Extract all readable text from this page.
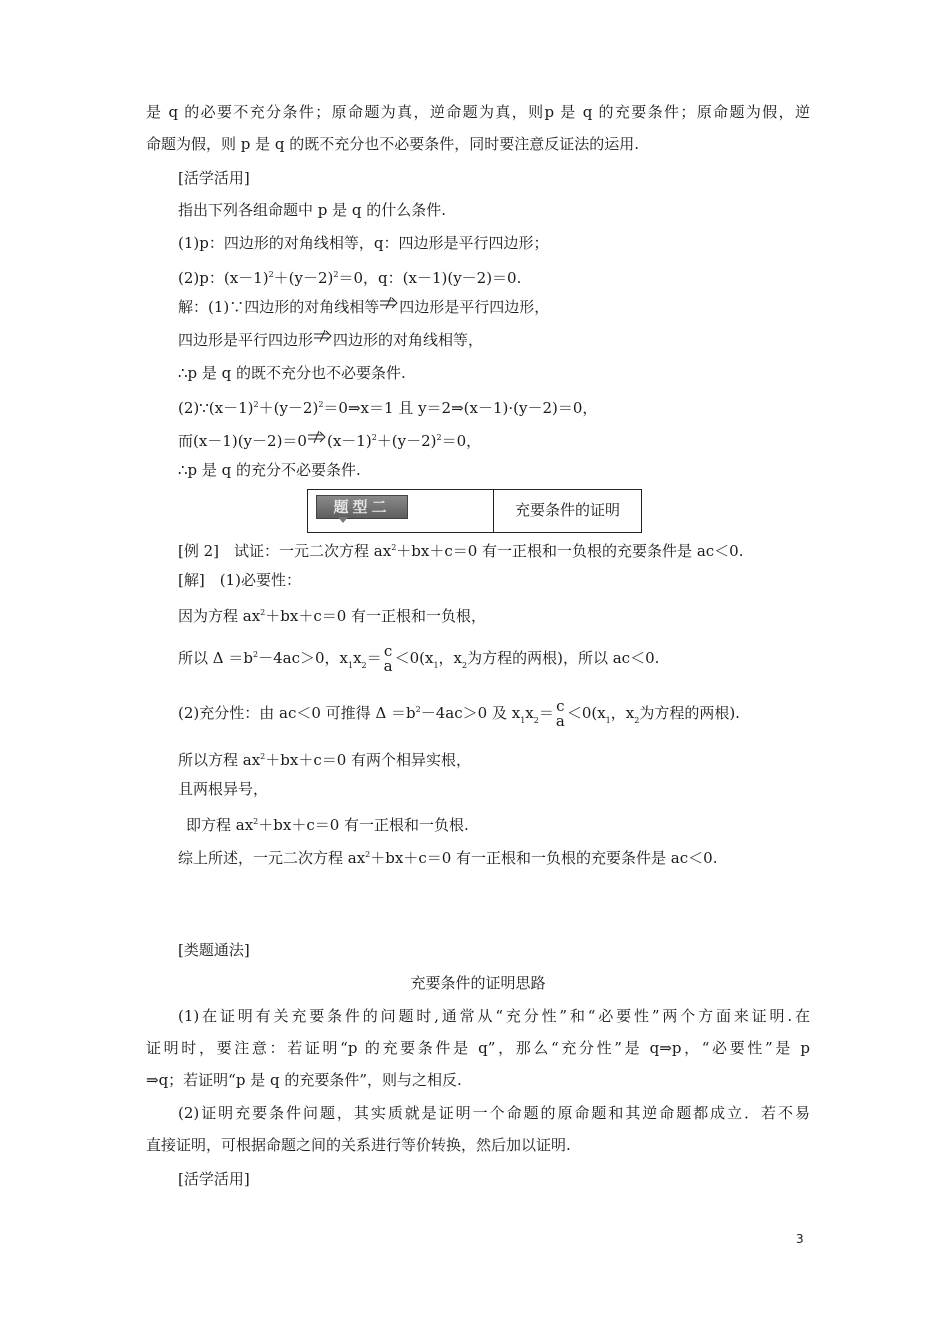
是 q 的必要不充分条件；原命题为真，逆命题为真，则p 是 q 的充要条件；原命题为假，逆
命题为假，则 p 是 q 的既不充分也不必要条件，同时要注意反证法的运用.
[活学活用]
指出下列各组命题中 p 是 q 的什么条件.
(1)p：四边形的对角线相等，q：四边形是平行四边形；
(2)p：$(x-1)^2+(y-2)^2=0$，q：(x－1)(y－2)＝0.
解：(1)∵四边形的对角线相等 四边形是平行四边形，
四边形是平行四边形 四边形的对角线相等，
∴p 是 q 的既不充分也不必要条件.
$(2)\because(x-1)^2+(y-2)^2=0\Rightarrow x=1$ 且 y＝2⇒(x－1)·(y－2)＝0，
而(x－1)(y－2)＝0 $(x-1)^2+(y-2)^2=0$，
∴p 是 q 的充分不必要条件.
题型二	充要条件的证明
[例 2]　试证：一元二次方程 $ax^2+bx+c=0$ 有一正根和一负根的充要条件是 ac＜0.
[解]　(1)必要性：
因为方程 $ax^2+bx+c=0$ 有一正根和一负根，
所以 $\Delta =b^2-4ac>0$，$x_1x_2= c$
$a <0(x_1$，$x_2$为方程的两根)，所以 ac＜0.
(2)充分性：由 ac＜0 可推得 $\Delta =b^2-4ac>0$ 及 $x_1x_2= c$
$a <0(x_1$，$x_2$为方程的两根).
所以方程 $ax^2+bx+c=0$ 有两个相异实根，
且两根异号，
即方程 $ax^2+bx+c=0$ 有一正根和一负根.
综上所述，一元二次方程 $ax^2+bx+c=0$ 有一正根和一负根的充要条件是 ac＜0.
[类题通法]
充要条件的证明思路
(1)在证明有关充要条件的问题时,通常从“充分性”和“必要性”两个方面来证明.在
证明时，要注意：若证明“p 的充要条件是 q”，那么“充分性”是 q⇒p，“必要性”是 p
⇒q；若证明“p 是 q 的充要条件”，则与之相反.
(2)证明充要条件问题，其实质就是证明一个命题的原命题和其逆命题都成立．若不易
直接证明，可根据命题之间的关系进行等价转换，然后加以证明.
[活学活用]
3
